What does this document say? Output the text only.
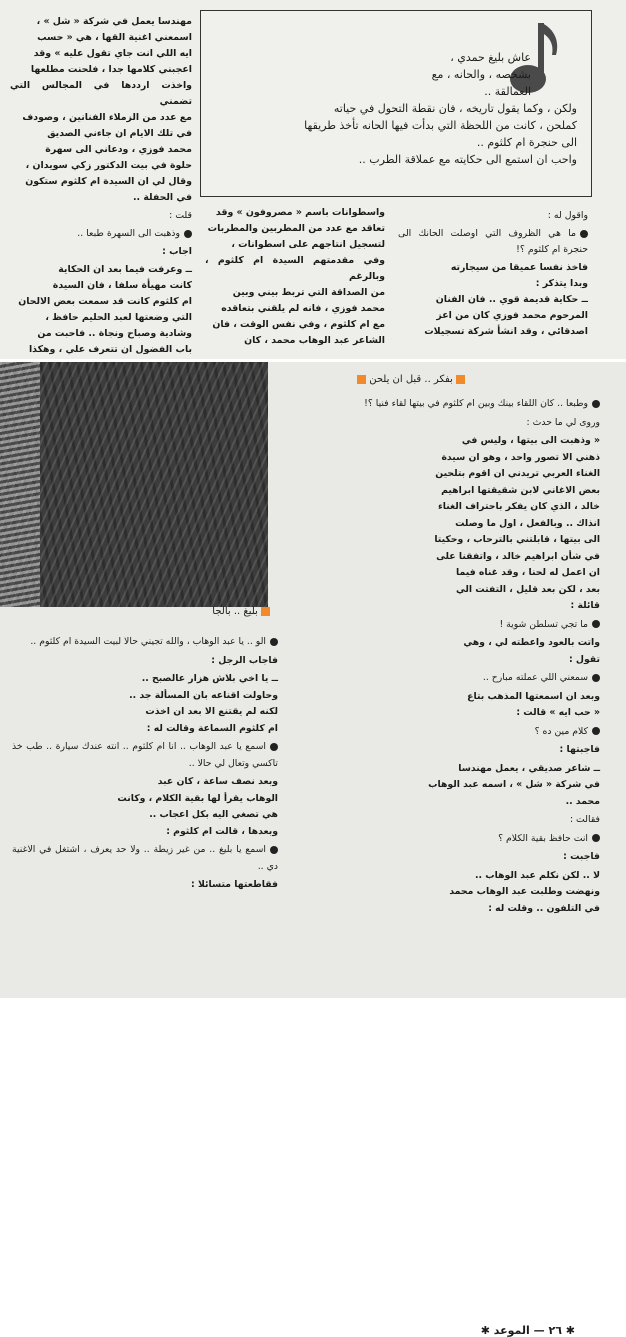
مهندسا يعمل في شركة « شل » ،
اسمعني اغنية القها ، هي « حسب
ايه اللي انت جاي تقول عليه » وقد
اعجبني كلامها جدا ، فلحنت مطلعها
واخذت ارددها في المجالس التي تضمني
مع عدد من الزملاء الفنانين ، وصودف
في تلك الايام ان جاءني الصديق
محمد فوزي ، ودعاني الى سهرة
حلوة في بيت الدكتور زكي سويدان ،
وقال لي ان السيدة ام كلثوم ستكون
في الحفلة ..

قلت :

وذهبت الى السهرة طبعا ..

اجاب :

ــ وعرفت فيما بعد ان الحكاية
كانت مهيأة سلفا ، فان السيدة
ام كلثوم كانت قد سمعت بعض الالحان
التي وضعتها لعبد الحليم حافظ ،
وشادية وصباح ونجاة .. فاحبت من
باب الفضول ان تتعرف علي ، وهكذا

عاش بليغ حمدي ،

بشخصه ، والحانه ، مع

العمالقة ..

ولكن ، وكما يقول تاريخه ، فان نقطة التحول في حياته

كملحن ، كانت من اللحظة التي بدأت فيها الحانه تأخذ طريقها

الى حنجرة ام كلثوم ..

واحب ان استمع الى حكايته مع عملاقة الطرب ..

واسطوانات باسم « مصروفون » وقد
تعاقد مع عدد من المطربين والمطربات
لتسجيل انتاجهم على اسطوانات ،
وفي مقدمتهم السيدة ام كلثوم ، وبالرغم
من الصداقة التي تربط بيني وبين
محمد فوزي ، فانه لم يلقني بتعاقده
مع ام كلثوم ، وفي نفس الوقت ، فان
الشاعر عبد الوهاب محمد ، كان

واقول له :

ما هي الظروف التي اوصلت الحانك الى حنجرة ام كلثوم ؟!

فاخذ نفسا عميقا من سيجارته
وبدا يتذكر :
ــ حكاية قديمة قوي .. فان الفنان
المرحوم محمد فوزي كان من اعز
اصدقائي ، وقد انشأ شركة تسجيلات

بفكر .. قبل ان يلحن
بليغ .. بالجا

وطبعا .. كان اللقاء بينك وبين ام كلثوم في بيتها لقاء فنيا ؟!

وروى لي ما حدث :

« وذهبت الى بيتها ، وليس في
ذهني الا تصور واحد ، وهو ان سيدة
الغناء العربي تريدني ان اقوم بتلحين
بعض الاغاني لابن شقيقتها ابراهيم
خالد ، الذي كان يفكر باحتراف الغناء
انذاك .. وبالفعل ، اول ما وصلت
الى بيتها ، قابلتني بالترحاب ، وحكيتا
في شأن ابراهيم خالد ، واتفقنا على
ان اعمل له لحنا ، وقد غناه فيما
بعد ، لكن بعد قليل ، التفتت الي
قائلة :

ما تجي تسلطن شوية !

واتت بالعود واعطته لي ، وهي
تقول :

سمعني اللي عملته مبارح ..

وبعد ان اسمعتها المذهب بتاع
« حب ايه » قالت :

كلام مين ده ؟

فاجبتها :

ــ شاعر صديقي ، يعمل مهندسا
في شركة « شل » ، اسمه عبد الوهاب
محمد ..

فقالت :

انت حافظ بقية الكلام ؟

فاجبت :

لا .. لكن نكلم عبد الوهاب ..
ونهضت وطلبت عبد الوهاب محمد
في التلفون .. وقلت له :

الو .. يا عبد الوهاب ، والله تجيني حالا لبيت السيدة ام كلثوم ..

فاجاب الرجل :

ــ يا اخي بلاش هزار عالصبح ..
وحاولت اقناعه بان المسألة جد ..
لكنه لم يقتنع الا بعد ان اخذت
ام كلثوم السماعة وقالت له :

اسمع يا عبد الوهاب .. انا ام كلثوم .. انته عندك سيارة .. طب خذ تاكسي وتعال لي حالا ..

وبعد نصف ساعة ، كان عبد
الوهاب يقرأ لها بقية الكلام ، وكانت
هي تصغي اليه بكل اعجاب ..
وبعدها ، قالت ام كلثوم :

اسمع يا بليغ .. من غير زيطة .. ولا حد يعرف ، اشتغل في الاغنية دي ..

فقاطعتها متسائلا :

✱ ٢٦ — الموعد ✱
